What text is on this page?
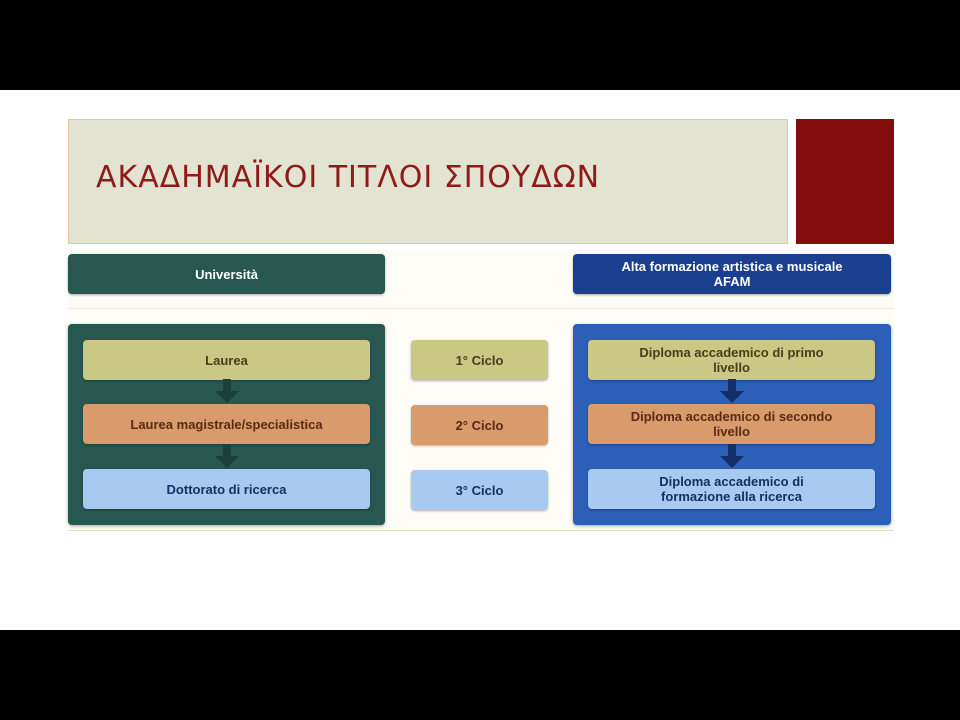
ΑΚΑΔΗΜΑΪΚΟΙ ΤΙΤΛΟΙ ΣΠΟΥΔΩΝ
Università	Alta formazione artistica e musicale
AFAM
Laurea
Laurea magistrale/specialistica
Dottorato di ricerca
1° Ciclo
2° Ciclo
3° Ciclo
Diploma accademico di primo
livello
Diploma accademico di secondo
livello
Diploma accademico di
formazione alla ricerca
